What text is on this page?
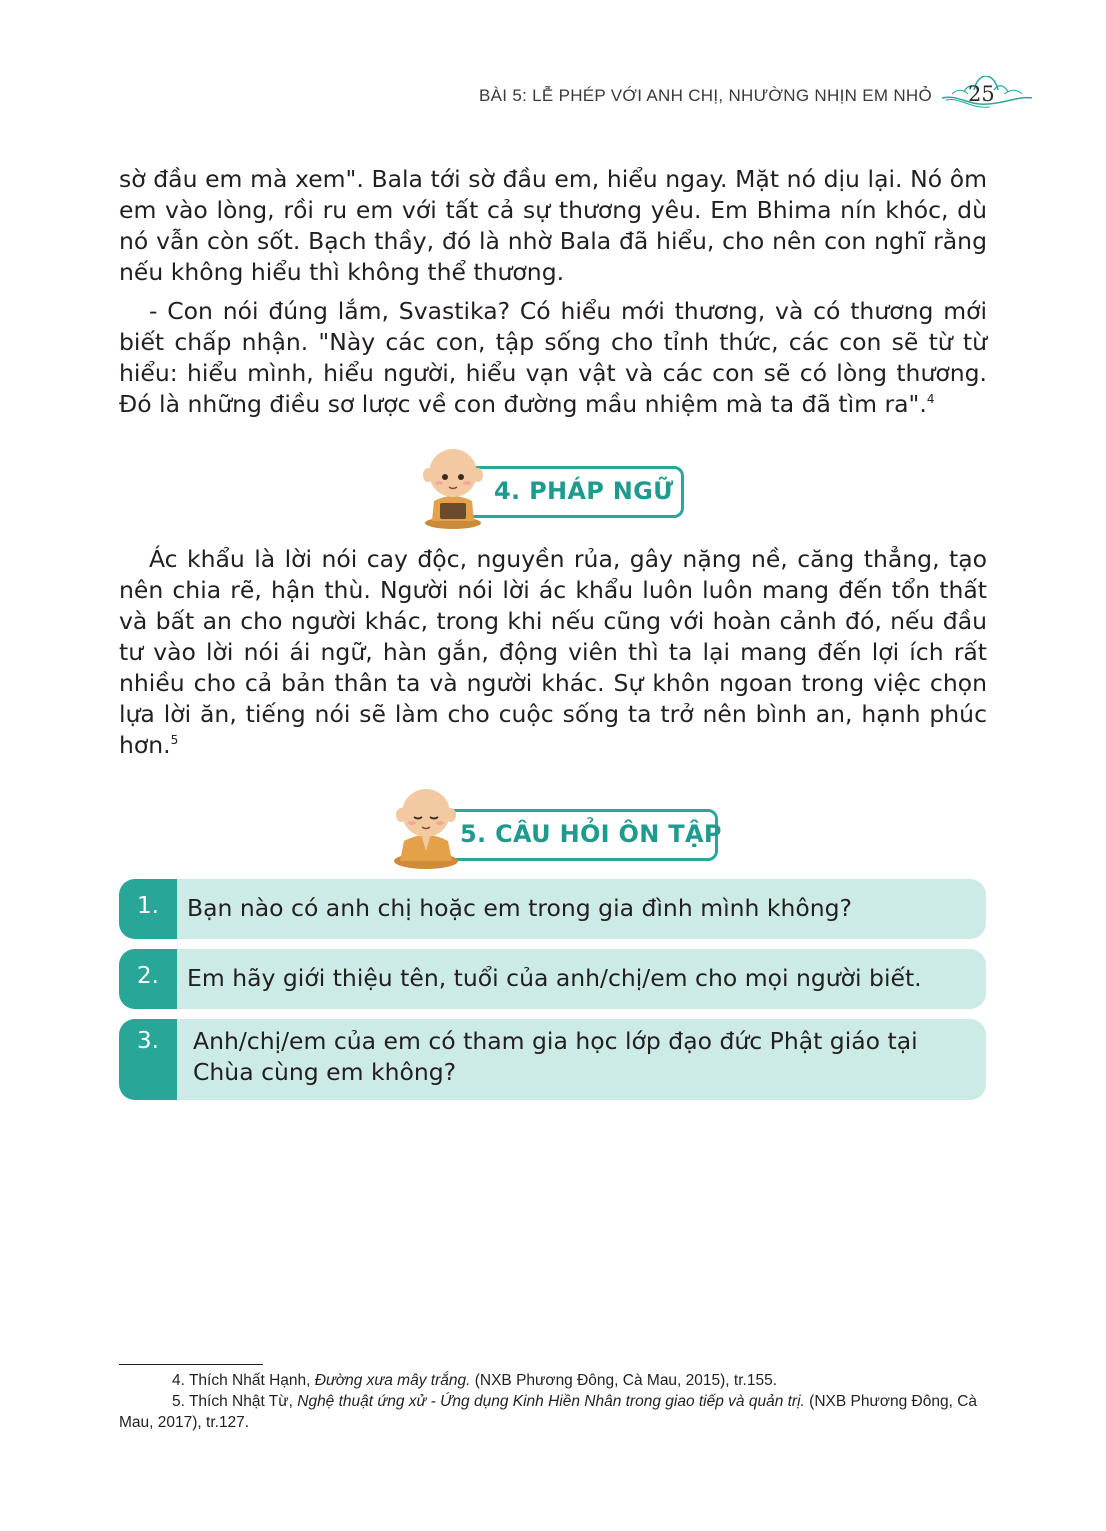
BÀI 5: LỄ PHÉP VỚI ANH CHỊ, NHƯỜNG NHỊN EM NHỎ 25

sờ đầu em mà xem". Bala tới sờ đầu em, hiểu ngay. Mặt nó dịu lại. Nó ôm em vào lòng, rồi ru em với tất cả sự thương yêu. Em Bhima nín khóc, dù nó vẫn còn sốt. Bạch thầy, đó là nhờ Bala đã hiểu, cho nên con nghĩ rằng nếu không hiểu thì không thể thương.

- Con nói đúng lắm, Svastika? Có hiểu mới thương, và có thương mới biết chấp nhận. "Này các con, tập sống cho tỉnh thức, các con sẽ từ từ hiểu: hiểu mình, hiểu người, hiểu vạn vật và các con sẽ có lòng thương. Đó là những điều sơ lược về con đường mầu nhiệm mà ta đã tìm ra".$^4$

4. PHÁP NGỮ

Ác khẩu là lời nói cay độc, nguyền rủa, gây nặng nề, căng thẳng, tạo nên chia rẽ, hận thù. Người nói lời ác khẩu luôn luôn mang đến tổn thất và bất an cho người khác, trong khi nếu cũng với hoàn cảnh đó, nếu đầu tư vào lời nói ái ngữ, hàn gắn, động viên thì ta lại mang đến lợi ích rất nhiều cho cả bản thân ta và người khác. Sự khôn ngoan trong việc chọn lựa lời ăn, tiếng nói sẽ làm cho cuộc sống ta trở nên bình an, hạnh phúc hơn.$^5$

5. CÂU HỎI ÔN TẬP
1.	Bạn nào có anh chị hoặc em trong gia đình mình không?
2.	Em hãy giới thiệu tên, tuổi của anh/chị/em cho mọi người biết.
3.	Anh/chị/em của em có tham gia học lớp đạo đức Phật giáo tại Chùa cùng em không?

4. Thích Nhất Hạnh, Đường xưa mây trắng. (NXB Phương Đông, Cà Mau, 2015), tr.155.

5. Thích Nhật Từ, Nghệ thuật ứng xử - Ứng dụng Kinh Hiền Nhân trong giao tiếp và quản trị. (NXB Phương Đông, Cà Mau, 2017), tr.127.
